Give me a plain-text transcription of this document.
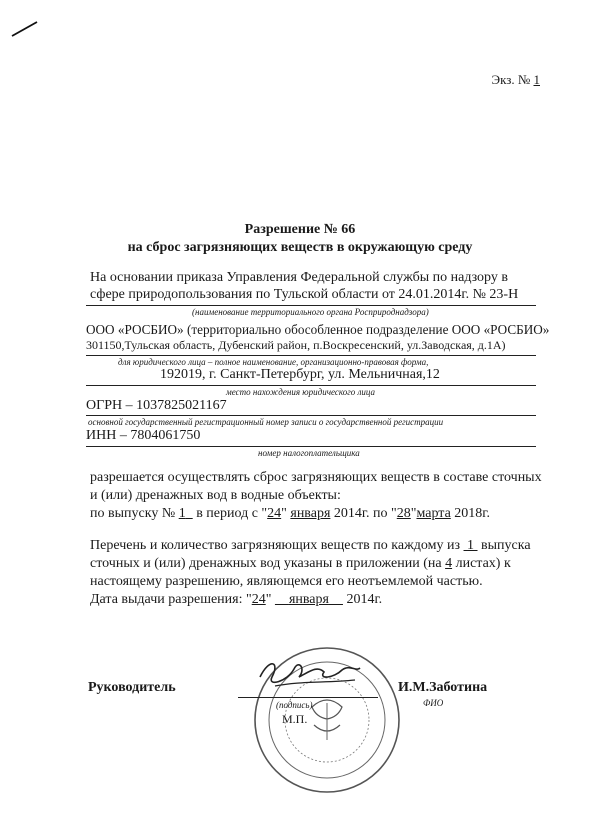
Экз. № 1
Разрешение № 66
на сброс загрязняющих веществ в окружающую среду
На основании приказа Управления Федеральной службы по надзору в
сфере природопользования по Тульской области от 24.01.2014г. № 23-Н
(наименование территориального органа Росприроднадзора)
ООО «РОСБИО» (территориально обособленное подразделение ООО «РОСБИО»
301150,Тульская область, Дубенский район, п.Воскресенский, ул.Заводская, д.1А)
для юридического лица – полное наименование, организационно-правовая форма,
192019, г. Санкт-Петербург, ул. Мельничная,12
место нахождения юридического лица
ОГРН – 1037825021167
основной государственный регистрационный номер записи о государственной регистрации
ИНН – 7804061750
номер налогоплательщика
разрешается осуществлять сброс загрязняющих веществ в составе сточных
и (или) дренажных вод в водные объекты:
по выпуску № 1   в период с "24" января 2014г. по "28"марта 2018г.
Перечень и количество загрязняющих веществ по каждому из  1  выпуска
сточных и (или) дренажных вод указаны в приложении (на 4 листах) к
настоящему разрешению, являющемся его неотъемлемой частью.
Дата выдачи разрешения: "24" января     2014г.
Руководитель
(подпись)
М.П.
И.М.Заботина
ФИО
